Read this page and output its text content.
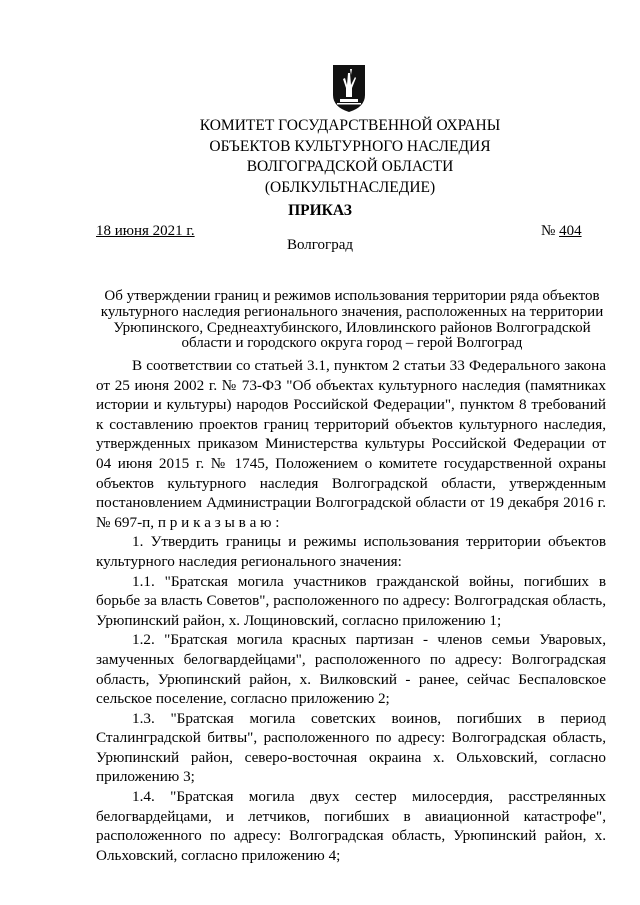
КОМИТЕТ ГОСУДАРСТВЕННОЙ ОХРАНЫ
ОБЪЕКТОВ КУЛЬТУРНОГО НАСЛЕДИЯ
ВОЛГОГРАДСКОЙ ОБЛАСТИ
(ОБЛКУЛЬТНАСЛЕДИЕ)
ПРИКАЗ
18 июня 2021 г.	№ 404
Волгоград
Об утверждении границ и режимов использования территории ряда объектов
культурного наследия регионального значения, расположенных на территории
Урюпинского, Среднеахтубинского, Иловлинского районов Волгоградской
области и городского округа город – герой Волгоград

В соответствии со статьей 3.1, пунктом 2 статьи 33 Федерального закона от 25 июня 2002 г. № 73-ФЗ "Об объектах культурного наследия (памятниках истории и культуры) народов Российской Федерации", пунктом 8 требований к составлению проектов границ территорий объектов культурного наследия, утвержденных приказом Министерства культуры Российской Федерации от 04 июня 2015 г. № 1745, Положением о комитете государственной охраны объектов культурного наследия Волгоградской области, утвержденным постановлением Администрации Волгоградской области от 19 декабря 2016 г. № 697-п, п р и к а з ы в а ю :

1. Утвердить границы и режимы использования территории объектов культурного наследия регионального значения:

1.1. "Братская могила участников гражданской войны, погибших в борьбе за власть Советов", расположенного по адресу: Волгоградская область, Урюпинский район, х. Лощиновский, согласно приложению 1;

1.2. "Братская могила красных партизан - членов семьи Уваровых, замученных белогвардейцами", расположенного по адресу: Волгоградская область, Урюпинский район, х. Вилковский - ранее, сейчас Беспаловское сельское поселение, согласно приложению 2;

1.3. "Братская могила советских воинов, погибших в период Сталинградской битвы", расположенного по адресу: Волгоградская область, Урюпинский район, северо-восточная окраина х. Ольховский, согласно приложению 3;

1.4. "Братская могила двух сестер милосердия, расстрелянных белогвардейцами, и летчиков, погибших в авиационной катастрофе", расположенного по адресу: Волгоградская область, Урюпинский район, х. Ольховский, согласно приложению 4;
